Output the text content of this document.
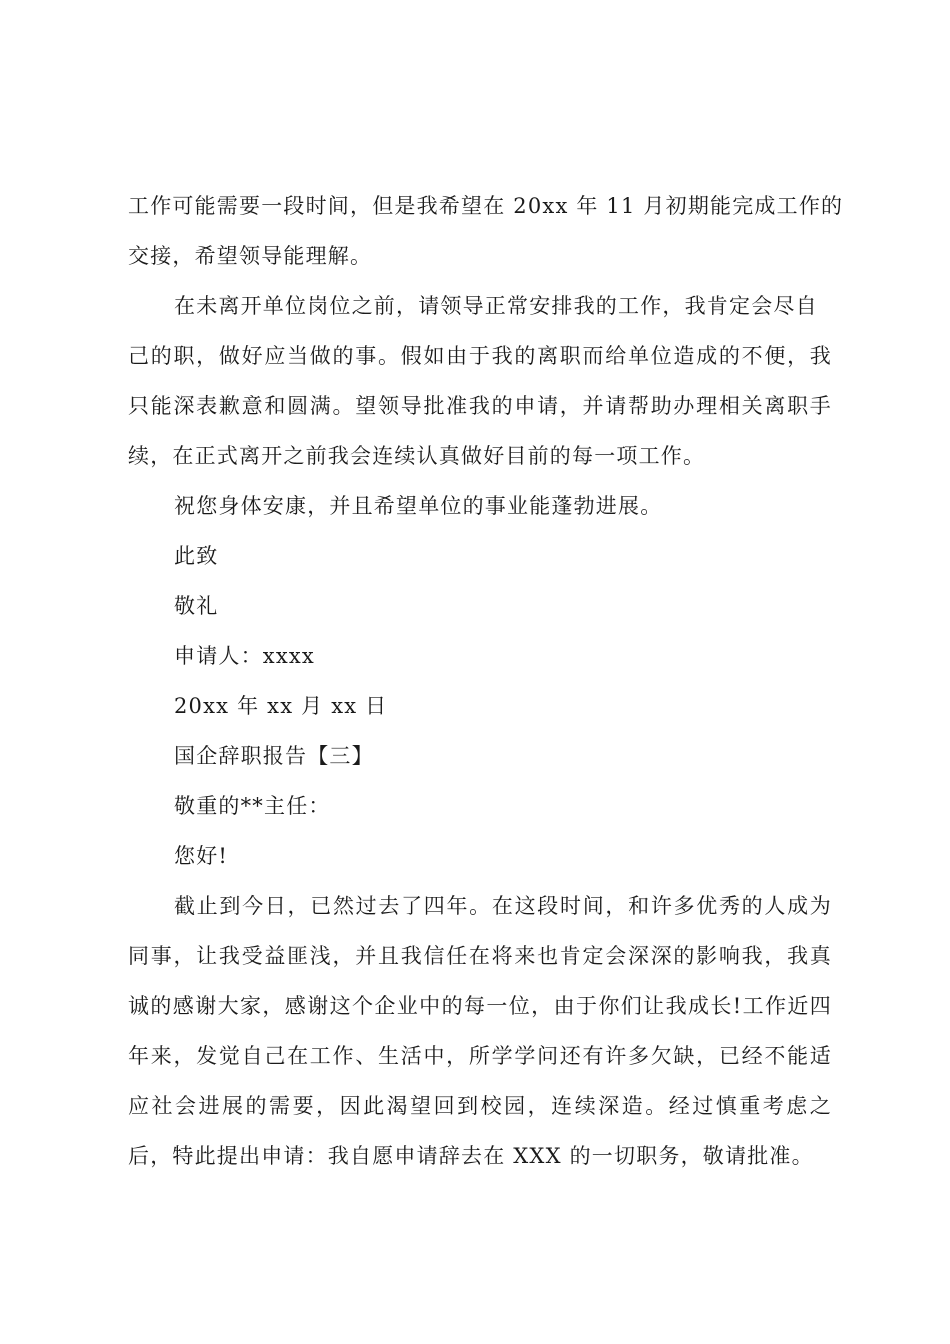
工作可能需要一段时间，但是我希望在 20xx 年 11 月初期能完成工作的
交接，希望领导能理解。
在未离开单位岗位之前，请领导正常安排我的工作，我肯定会尽自
己的职，做好应当做的事。假如由于我的离职而给单位造成的不便，我
只能深表歉意和圆满。望领导批准我的申请，并请帮助办理相关离职手
续，在正式离开之前我会连续认真做好目前的每一项工作。
祝您身体安康，并且希望单位的事业能蓬勃进展。
此致
敬礼
申请人：xxxx
20xx 年 xx 月 xx 日
国企辞职报告【三】
敬重的**主任：
您好!
截止到今日，已然过去了四年。在这段时间，和许多优秀的人成为
同事，让我受益匪浅，并且我信任在将来也肯定会深深的影响我，我真
诚的感谢大家，感谢这个企业中的每一位，由于你们让我成长!工作近四
年来，发觉自己在工作、生活中，所学学问还有许多欠缺，已经不能适
应社会进展的需要，因此渴望回到校园，连续深造。经过慎重考虑之
后，特此提出申请：我自愿申请辞去在 XXX 的一切职务，敬请批准。
